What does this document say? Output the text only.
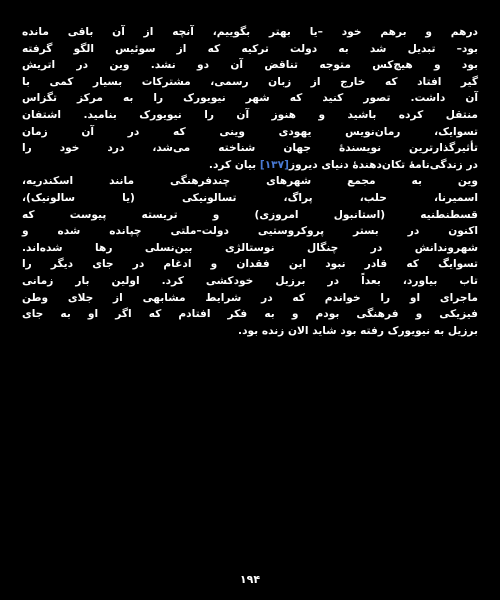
درهم و برهم خود –یا بهتر بگوییم، آنچه از آن باقی مانده
بود– تبدیل شد به دولت ترکیه که از سوئیس الگو گرفته
بود و هیچ‌کس متوجه تناقض آن دو نشد. وین در اتریش
گیر افتاد که خارج از زبان رسمی، مشترکات بسیار کمی با
آن داشت. تصور کنید که شهر نیویورک را به مرکز تگزاس
منتقل کرده باشید و هنوز آن را نیویورک بنامید. اشتفان
تسوایک، رمان‌نویس یهودی وینی که در آن زمان
تأثیرگذارترین نویسندهٔ جهان شناخته می‌شد، درد خود را
در زندگی‌نامهٔ تکان‌دهندهٔ دنیای دیروز[۱۳۷] بیان کرد.
وین به مجمع شهرهای چندفرهنگی مانند اسکندریه،
اسمیرنا، حلب، پراگ، تسالونیکی (یا سالونیک)،
قسطنطنیه (استانبول امروزی) و تریسته پیوست که
اکنون در بستر پروکروستیی دولت–ملتی چپانده شده و
شهروندانش در چنگال نوستالژی بین‌نسلی رها شده‌اند.
تسوایگ که قادر نبود این فقدان و ادغام در جای دیگر را
تاب بیاورد، بعداً در برزیل خودکشی کرد. اولین بار زمانی
ماجرای او را خواندم که در شرایط مشابهی از جلای وطن
فیزیکی و فرهنگی بودم و به فکر افتادم که اگر او به جای
برزیل به نیویورک رفته بود شاید الان زنده بود.

۱۹۴
